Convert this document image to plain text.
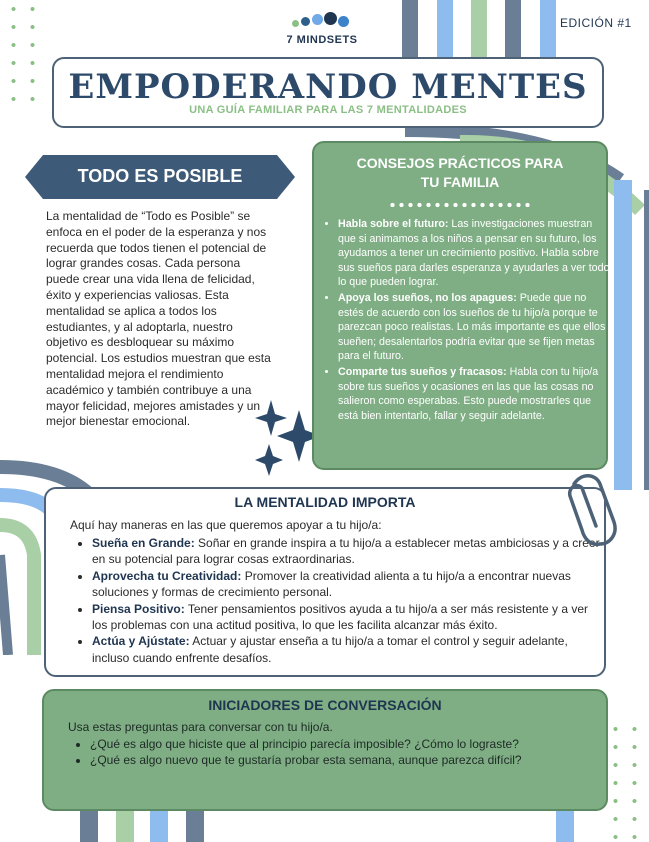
7 MINDSETS
EDICIÓN #1
EMPODERANDO MENTES
UNA GUÍA FAMILIAR PARA LAS 7 MENTALIDADES
TODO ES POSIBLE
La mentalidad de “Todo es Posible” se enfoca en el poder de la esperanza y nos recuerda que todos tienen el potencial de lograr grandes cosas. Cada persona puede crear una vida llena de felicidad, éxito y experiencias valiosas. Esta mentalidad se aplica a todos los estudiantes, y al adoptarla, nuestro objetivo es desbloquear su máximo potencial. Los estudios muestran que esta mentalidad mejora el rendimiento académico y también contribuye a una mayor felicidad, mejores amistades y un mejor bienestar emocional.
CONSEJOS PRÁCTICOS PARA
TU FAMILIA
• Habla sobre el futuro: Las investigaciones muestran que si animamos a los niños a pensar en su futuro, los ayudamos a tener un crecimiento positivo. Habla sobre sus sueños para darles esperanza y ayudarles a ver todo lo que pueden lograr.
• Apoya los sueños, no los apagues: Puede que no estés de acuerdo con los sueños de tu hijo/a porque te parezcan poco realistas. Lo más importante es que ellos sueñen; desalentarlos podría evitar que se fijen metas para el futuro.
• Comparte tus sueños y fracasos: Habla con tu hijo/a sobre tus sueños y ocasiones en las que las cosas no salieron como esperabas. Esto puede mostrarles que está bien intentarlo, fallar y seguir adelante.
LA MENTALIDAD IMPORTA
Aquí hay maneras en las que queremos apoyar a tu hijo/a:
• Sueña en Grande: Soñar en grande inspira a tu hijo/a a establecer metas ambiciosas y a creer en su potencial para lograr cosas extraordinarias.
• Aprovecha tu Creatividad: Promover la creatividad alienta a tu hijo/a a encontrar nuevas soluciones y formas de crecimiento personal.
• Piensa Positivo: Tener pensamientos positivos ayuda a tu hijo/a a ser más resistente y a ver los problemas con una actitud positiva, lo que les facilita alcanzar más éxito.
• Actúa y Ajústate: Actuar y ajustar enseña a tu hijo/a a tomar el control y seguir adelante, incluso cuando enfrente desafíos.
INICIADORES DE CONVERSACIÓN
Usa estas preguntas para conversar con tu hijo/a.
• ¿Qué es algo que hiciste que al principio parecía imposible? ¿Cómo lo lograste?
• ¿Qué es algo nuevo que te gustaría probar esta semana, aunque parezca difícil?
